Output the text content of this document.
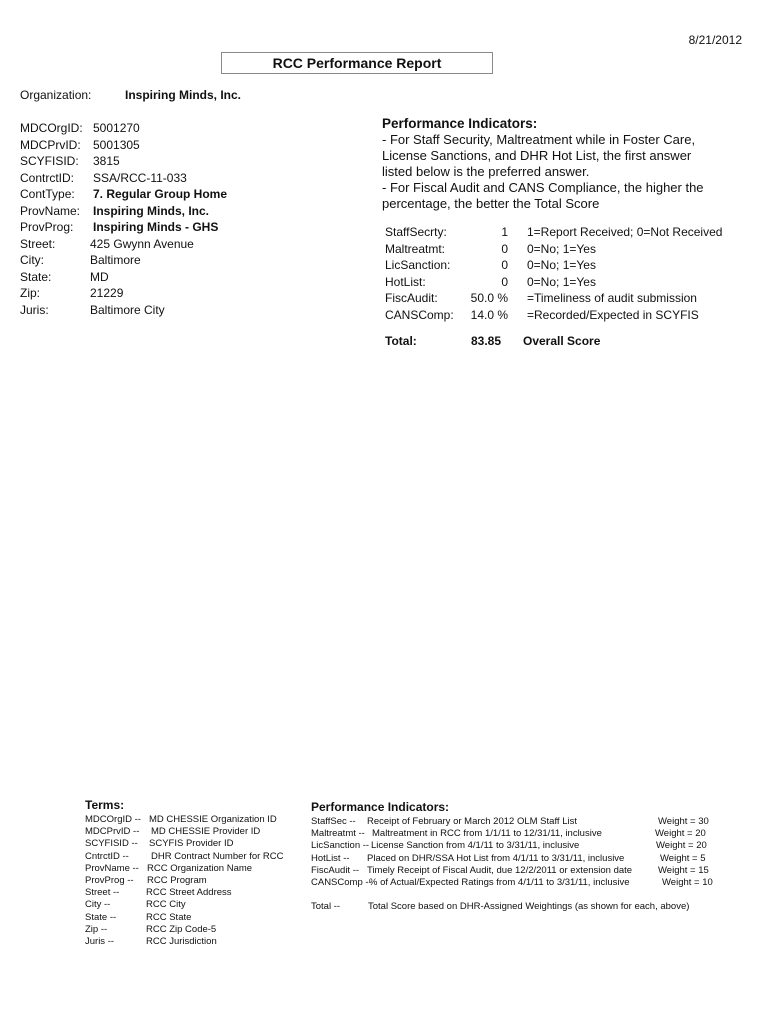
8/21/2012
RCC Performance Report
Organization:	Inspiring Minds, Inc.
MDCOrgID: 5001270
MDCPrvID: 5001305
SCYFISID: 3815
ContrctID: SSA/RCC-11-033
ContType: 7. Regular Group Home
ProvName: Inspiring Minds, Inc.
ProvProg: Inspiring Minds - GHS
Street:	425 Gwynn Avenue
City:	Baltimore
State:	MD
Zip:	21229
Juris:	Baltimore City
Performance Indicators:
- For Staff Security, Maltreatment while in Foster Care,
License Sanctions, and DHR Hot List, the first answer
listed below is the preferred answer.
- For Fiscal Audit and CANS Compliance, the higher the
percentage, the better the Total Score
StaffSecrty:	1 1=Report Received; 0=Not Received
Maltreatmt:	0 0=No; 1=Yes
LicSanction:	0 0=No; 1=Yes
HotList:	0 0=No; 1=Yes
FiscAudit:	50.0 % =Timeliness of audit submission
CANSComp:	14.0 % =Recorded/Expected in SCYFIS
Total:	83.85 Overall Score
Terms:
MDCOrgID -- MD CHESSIE Organization ID
MDCPrvID -- MD CHESSIE Provider ID
SCYFISID -- SCYFIS Provider ID
CntrctID -- DHR Contract Number for RCC
ProvName -- RCC Organization Name
ProvProg -- RCC Program
Street --	RCC Street Address
City --	RCC City
State --	RCC State
Zip --	RCC Zip Code-5
Juris --	RCC Jurisdiction
Performance Indicators:
StaffSec -- Receipt of February or March 2012 OLM Staff List	Weight = 30
Maltreatmt -- Maltreatment in RCC from 1/1/11 to 12/31/11, inclusive	Weight = 20
LicSanction -- License Sanction from 4/1/11 to 3/31/11, inclusive	Weight = 20
HotList -- Placed on DHR/SSA Hot List from 4/1/11 to 3/31/11, inclusive	Weight = 5
FiscAudit -- Timely Receipt of Fiscal Audit, due 12/2/2011 or extension date	Weight = 15
CANSComp --
% of Actual/Expected Ratings from 4/1/11 to 3/31/11, inclusive	Weight = 10
Total --	Total Score based on DHR-Assigned Weightings (as shown for each, above)
